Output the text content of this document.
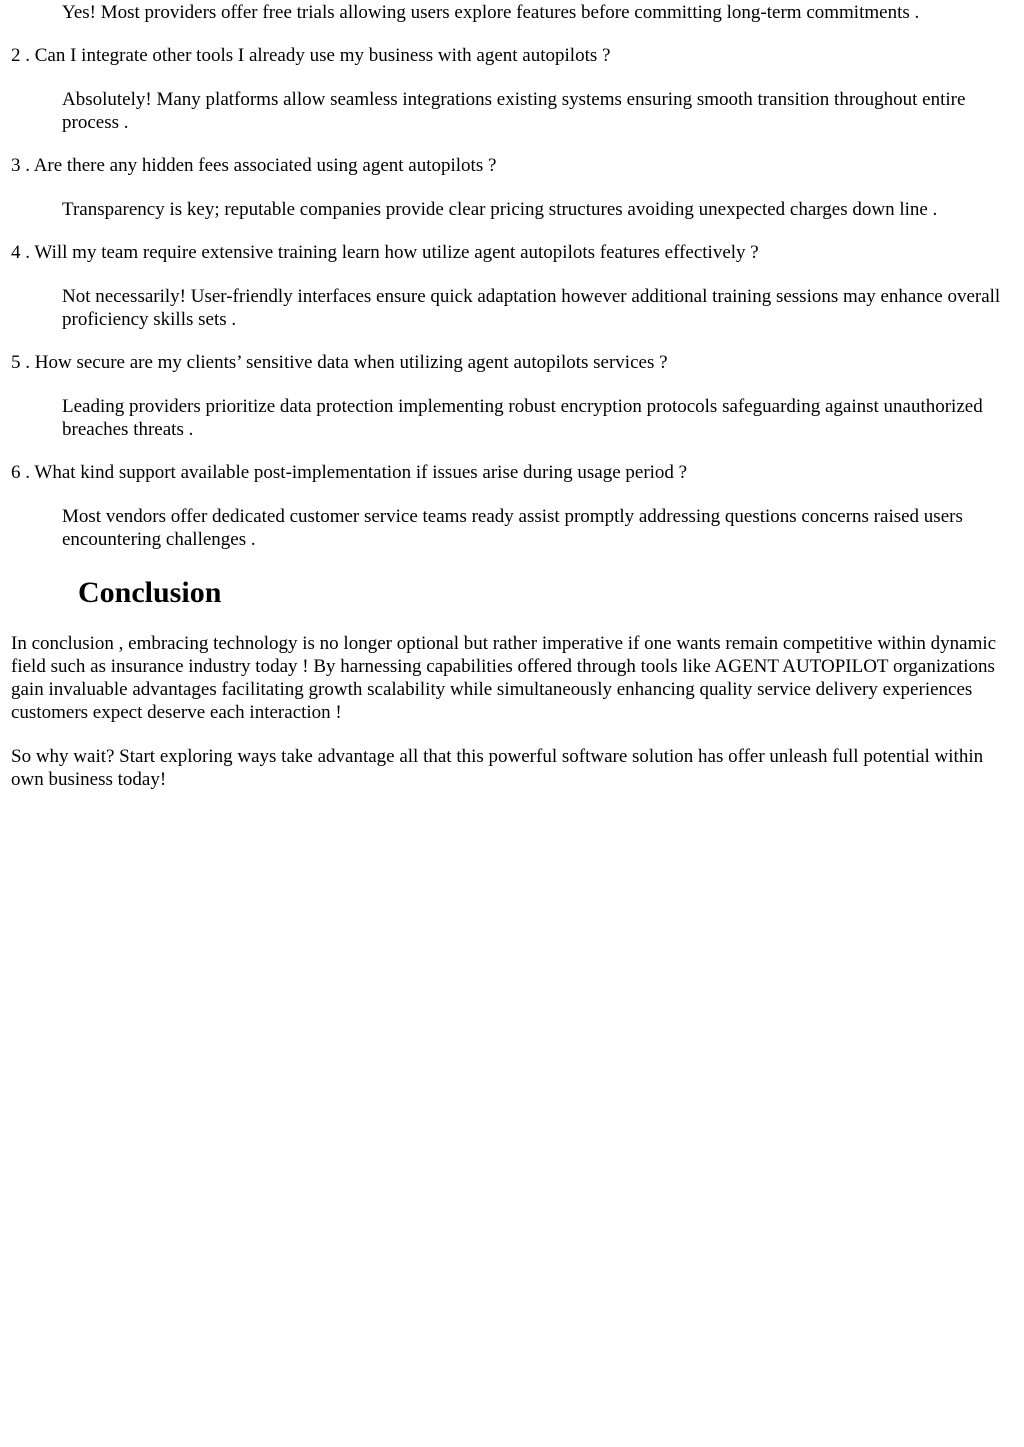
Yes! Most providers offer free trials allowing users explore features before committing long-term commitments .

2 . Can I integrate other tools I already use my business with agent autopilots ?

Absolutely! Many platforms allow seamless integrations existing systems ensuring smooth transition throughout entire process .

3 . Are there any hidden fees associated using agent autopilots ?

Transparency is key; reputable companies provide clear pricing structures avoiding unexpected charges down line .

4 . Will my team require extensive training learn how utilize agent autopilots features effectively ?

Not necessarily! User-friendly interfaces ensure quick adaptation however additional training sessions may enhance overall proficiency skills sets .

5 . How secure are my clients’ sensitive data when utilizing agent autopilots services ?

Leading providers prioritize data protection implementing robust encryption protocols safeguarding against unauthorized breaches threats .

6 . What kind support available post-implementation if issues arise during usage period ?

Most vendors offer dedicated customer service teams ready assist promptly addressing questions concerns raised users encountering challenges .

Conclusion

In conclusion , embracing technology is no longer optional but rather imperative if one wants remain competitive within dynamic field such as insurance industry today ! By harnessing capabilities offered through tools like AGENT AUTOPILOT organizations gain invaluable advantages facilitating growth scalability while simultaneously enhancing quality service delivery experiences customers expect deserve each interaction !

So why wait? Start exploring ways take advantage all that this powerful software solution has offer unleash full potential within own business today!
